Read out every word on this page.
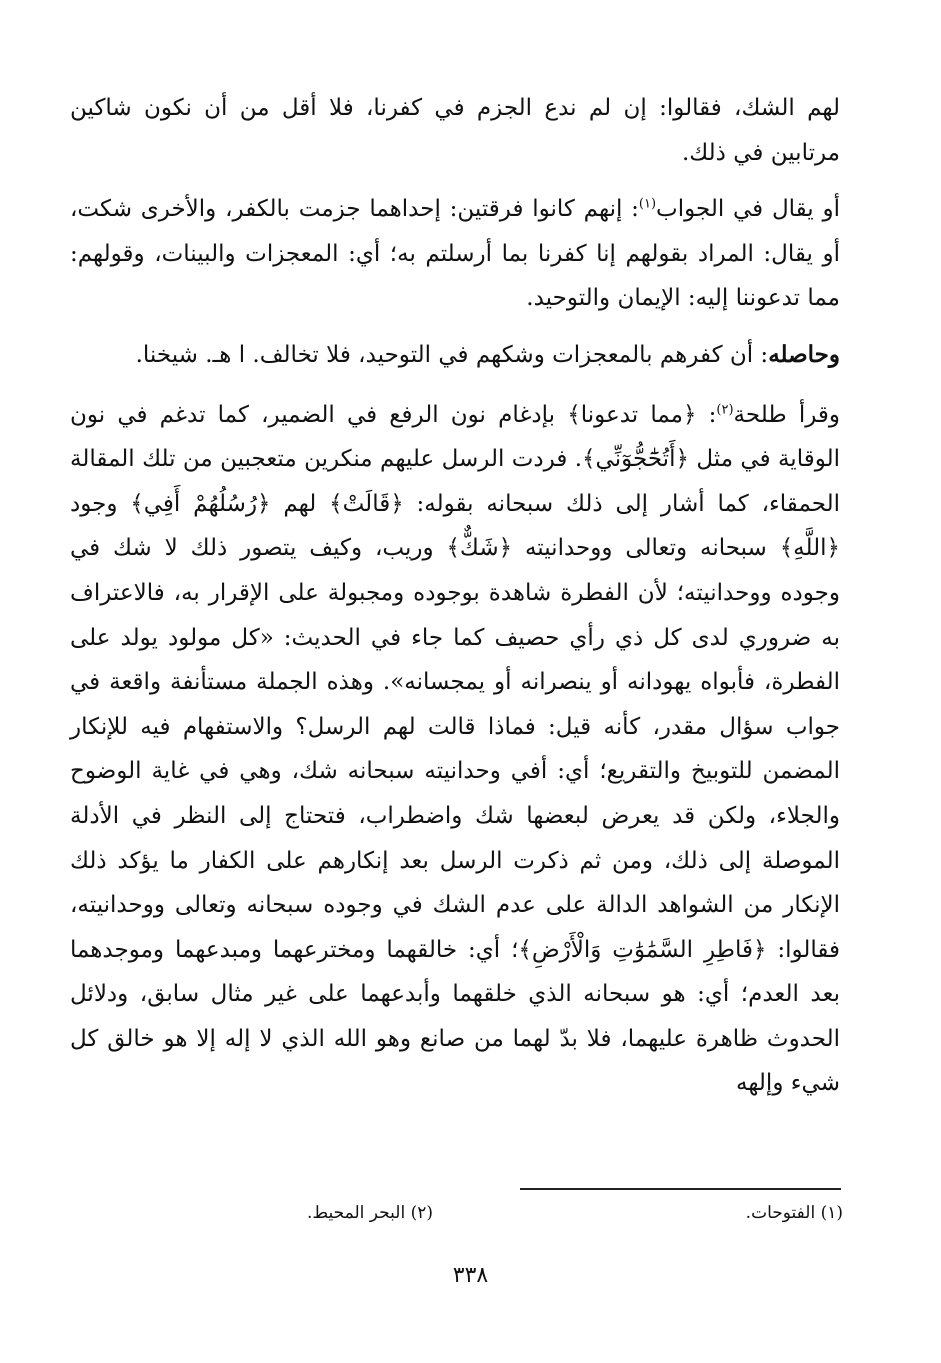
لهم الشك، فقالوا: إن لم ندع الجزم في كفرنا، فلا أقل من أن نكون شاكين مرتابين في ذلك.

أو يقال في الجواب$^{(١)}$: إنهم كانوا فرقتين: إحداهما جزمت بالكفر، والأخرى شكت، أو يقال: المراد بقولهم إنا كفرنا بما أرسلتم به؛ أي: المعجزات والبينات، وقولهم: مما تدعوننا إليه: الإيمان والتوحيد.

وحاصله: أن كفرهم بالمعجزات وشكهم في التوحيد، فلا تخالف. ا هـ. شيخنا.

وقرأ طلحة$^{(٢)}$: ﴿مما تدعونا﴾ بإدغام نون الرفع في الضمير، كما تدغم في نون الوقاية في مثل ﴿أَتُحَٰٓجُّوٓنِّي﴾. فردت الرسل عليهم منكرين متعجبين من تلك المقالة الحمقاء، كما أشار إلى ذلك سبحانه بقوله: ﴿قَالَتْ﴾ لهم ﴿رُسُلُهُمْ أَفِي﴾ وجود ﴿اللَّهِ﴾ سبحانه وتعالى ووحدانيته ﴿شَكٌّ﴾ وريب، وكيف يتصور ذلك لا شك في وجوده ووحدانيته؛ لأن الفطرة شاهدة بوجوده ومجبولة على الإقرار به، فالاعتراف به ضروري لدى كل ذي رأي حصيف كما جاء في الحديث: «كل مولود يولد على الفطرة، فأبواه يهودانه أو ينصرانه أو يمجسانه». وهذه الجملة مستأنفة واقعة في جواب سؤال مقدر، كأنه قيل: فماذا قالت لهم الرسل؟ والاستفهام فيه للإنكار المضمن للتوبيخ والتقريع؛ أي: أفي وحدانيته سبحانه شك، وهي في غاية الوضوح والجلاء، ولكن قد يعرض لبعضها شك واضطراب، فتحتاج إلى النظر في الأدلة الموصلة إلى ذلك، ومن ثم ذكرت الرسل بعد إنكارهم على الكفار ما يؤكد ذلك الإنكار من الشواهد الدالة على عدم الشك في وجوده سبحانه وتعالى ووحدانيته، فقالوا: ﴿فَاطِرِ السَّمَٰوَٰتِ وَالْأَرْضِ﴾؛ أي: خالقهما ومخترعهما ومبدعهما وموجدهما بعد العدم؛ أي: هو سبحانه الذي خلقهما وأبدعهما على غير مثال سابق، ودلائل الحدوث ظاهرة عليهما، فلا بدّ لهما من صانع وهو الله الذي لا إله إلا هو خالق كل شيء وإلهه

(١) الفتوحات.
(٢) البحر المحيط.
٣٣٨
